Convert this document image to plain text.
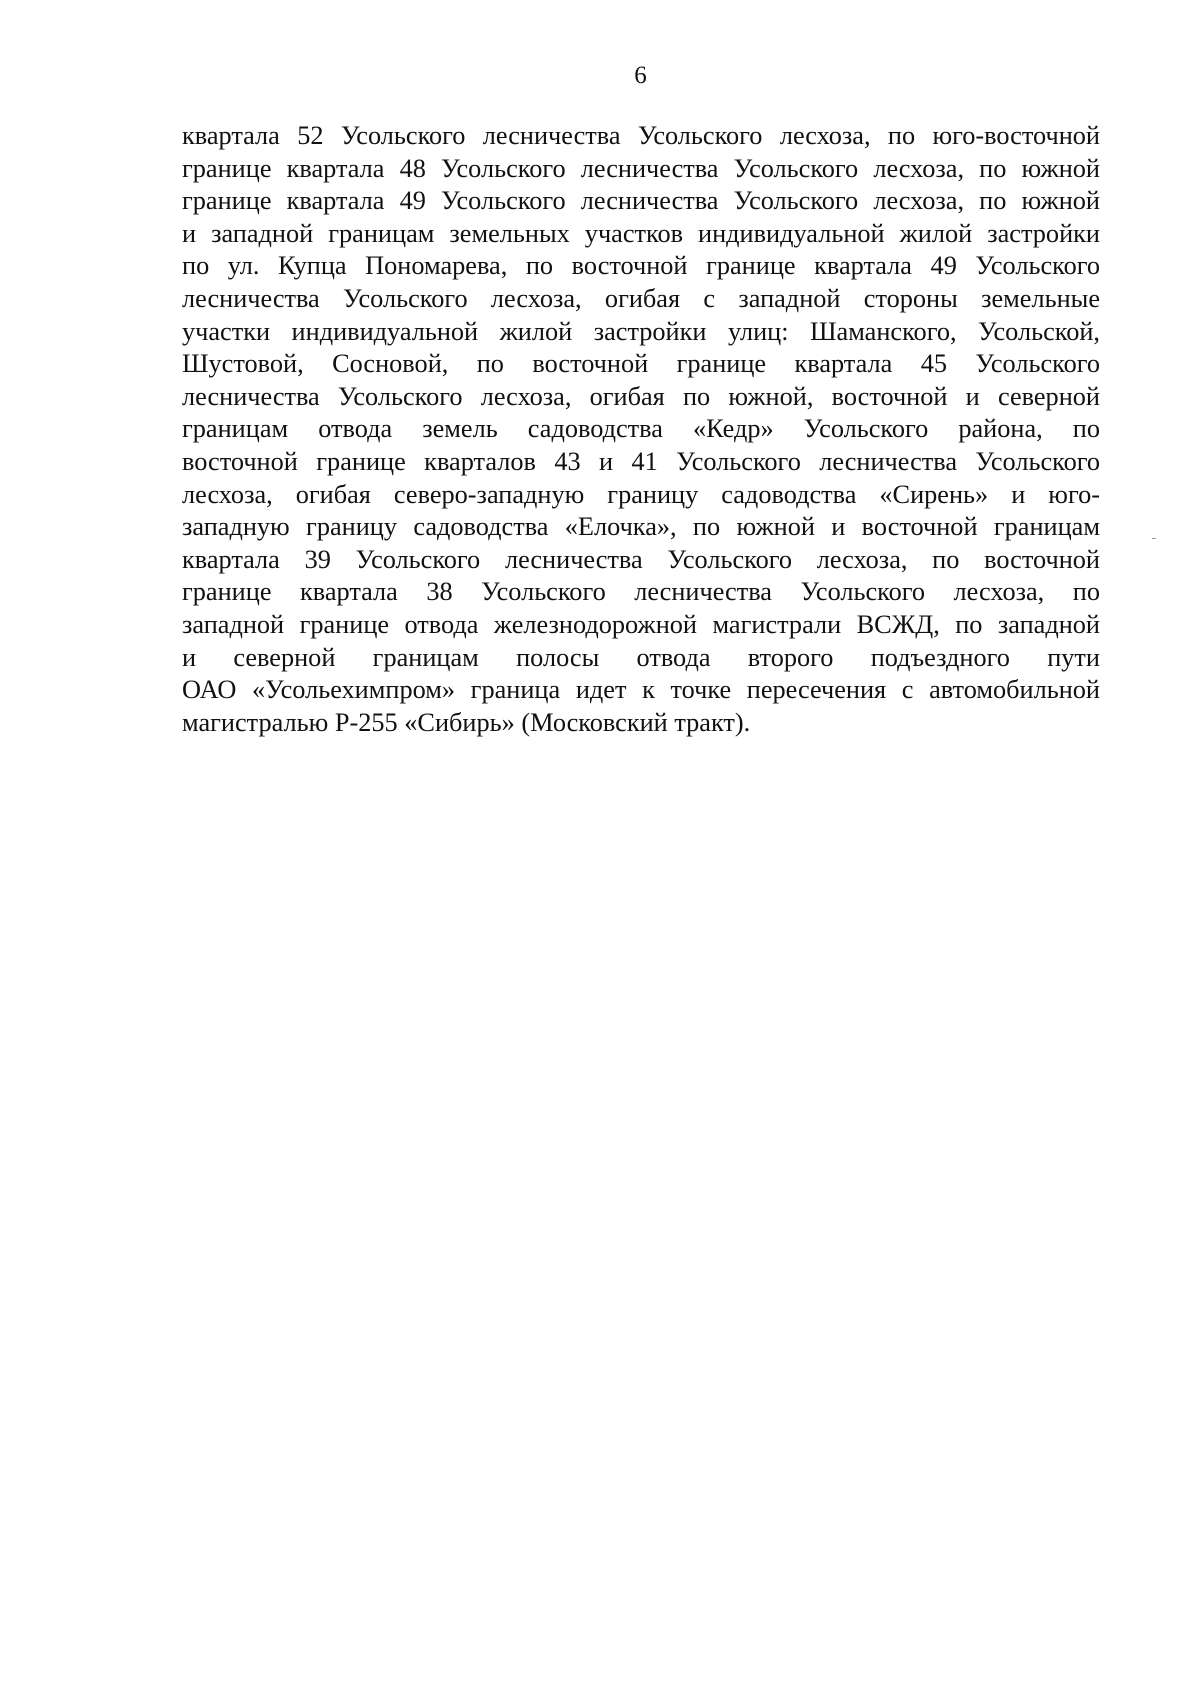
6
квартала 52 Усольского лесничества Усольского лесхоза, по юго-восточной
границе квартала 48 Усольского лесничества Усольского лесхоза, по южной
границе квартала 49 Усольского лесничества Усольского лесхоза, по южной
и западной границам земельных участков индивидуальной жилой застройки
по ул. Купца Пономарева, по восточной границе квартала 49 Усольского
лесничества Усольского лесхоза, огибая с западной стороны земельные
участки индивидуальной жилой застройки улиц: Шаманского, Усольской,
Шустовой, Сосновой, по восточной границе квартала 45 Усольского
лесничества Усольского лесхоза, огибая по южной, восточной и северной
границам отвода земель садоводства «Кедр» Усольского района, по
восточной границе кварталов 43 и 41 Усольского лесничества Усольского
лесхоза, огибая северо-западную границу садоводства «Сирень» и юго-
западную границу садоводства «Елочка», по южной и восточной границам
квартала 39 Усольского лесничества Усольского лесхоза, по восточной
границе квартала 38 Усольского лесничества Усольского лесхоза, по
западной границе отвода железнодорожной магистрали ВСЖД, по западной
и северной границам полосы отвода второго подъездного пути
ОАО «Усольехимпром» граница идет к точке пересечения с автомобильной
магистралью Р-255 «Сибирь» (Московский тракт).
